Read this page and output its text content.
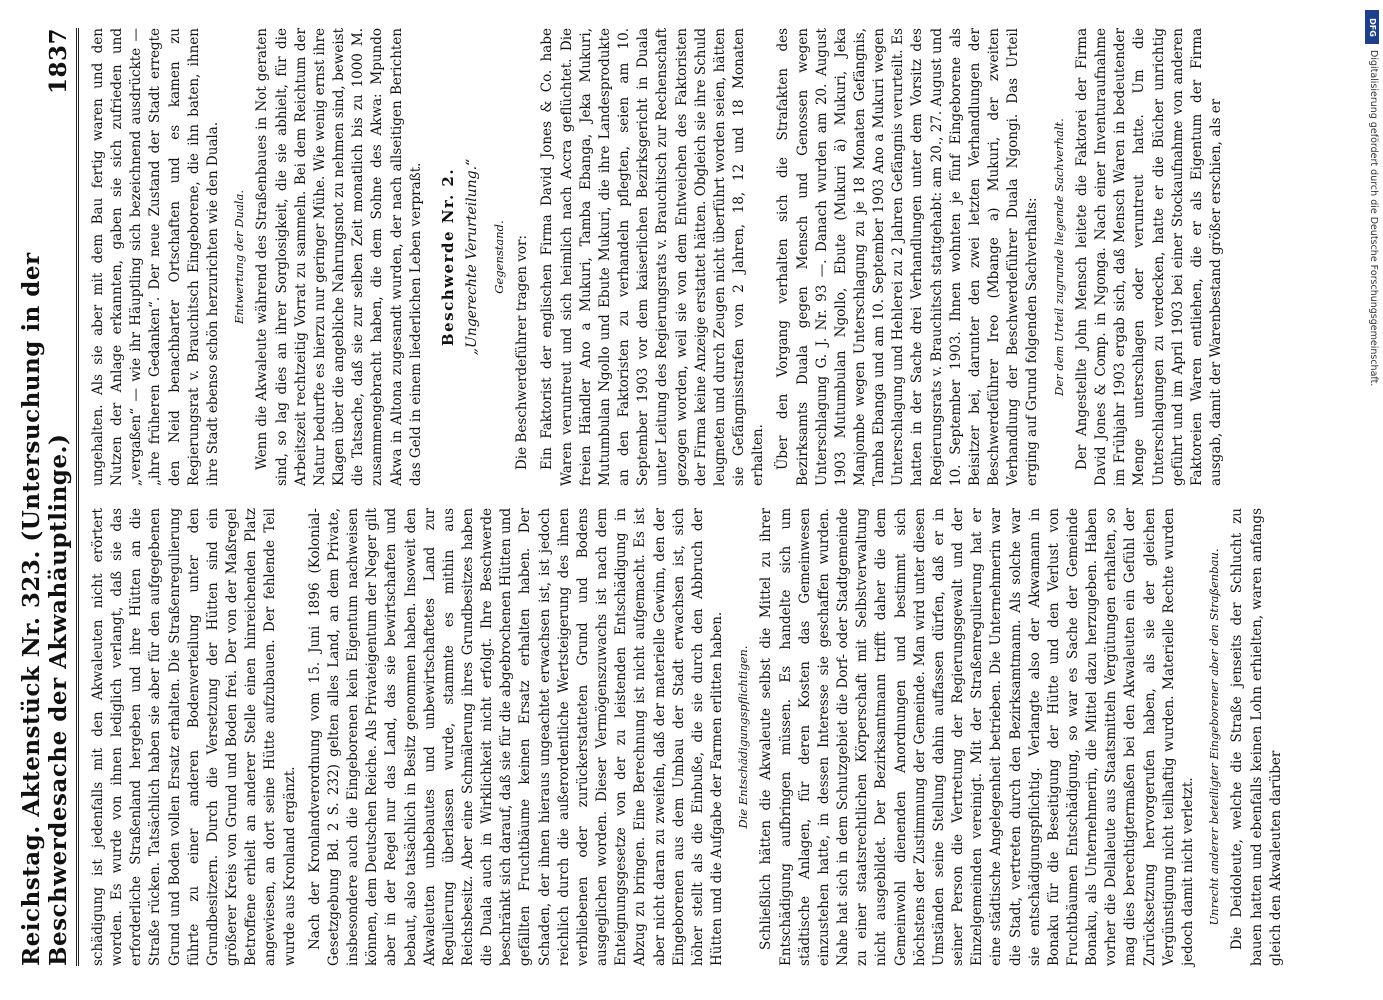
Reichstag. Aktenstück Nr. 323. (Untersuchung in der Beschwerdesache der Akwahäuptlinge.)
1837

schädigung ist jedenfalls mit den Akwaleuten nicht erörtert worden. Es wurde von ihnen lediglich verlangt, daß sie das erforderliche Straßenland hergeben und ihre Hütten an die Straße rücken. Tatsächlich haben sie aber für den aufgegebenen Grund und Boden vollen Ersatz erhalten. Die Straßenregulierung führte zu einer anderen Bodenverteilung unter den Grundbesitzern. Durch die Versetzung der Hütten sind ein größerer Kreis von Grund und Boden frei. Der von der Maßregel Betroffene erhielt an anderer Stelle einen hinreichenden Platz angewiesen, an dort seine Hütte aufzubauen. Der fehlende Teil wurde aus Kronland ergänzt. Nach der Kronlandverordnung vom 15. Juni 1896 (Kolonial-Gesetzgebung Bd. 2 S. 232) gelten alles Land, an dem Private, insbesondere auch die Eingeborenen kein Eigentum nachweisen können, dem Deutschen Reiche. Als Privateigentum der Neger gilt aber in der Regel nur das Land, das sie bewirtschaften und bebaut, also tatsächlich in Besitz genommen haben. Insoweit den Akwaleuten unbebautes und unbewirtschaftetes Land zur Regulierung überlassen wurde, stammte es mithin aus Reichsbesitz. Aber eine Schmälerung ihres Grundbesitzes haben die Duala auch in Wirklichkeit nicht erfolgt. Ihre Beschwerde beschränkt sich darauf, daß sie für die abgebrochenen Hütten und gefällten Fruchtbäume keinen Ersatz erhalten haben. Der Schaden, der ihnen hieraus ungeachtet erwachsen ist, ist jedoch reichlich durch die außerordentliche Wertsteigerung des ihnen verbliebenen oder zurückerstatteten Grund und Bodens ausgeglichen worden. Dieser Vermögenszuwachs ist nach dem Enteignungsgesetze von der zu leistenden Entschädigung in Abzug zu bringen. Eine Berechnung ist nicht aufgemacht. Es ist aber nicht daran zu zweifeln, daß der materielle Gewinn, den der Eingeborenen aus dem Umbau der Stadt erwachsen ist, sich höher stellt als die Einbuße, die sie durch den Abbruch der Hütten und die Aufgabe der Farmen erlitten haben. Die Entschädigungspflichtigen. Schließlich hätten die Akwaleute selbst die Mittel zu ihrer Entschädigung aufbringen müssen. Es handelte sich um städtische Anlagen, für deren Kosten das Gemeinwesen einzustehen hatte, in dessen Interesse sie geschaffen wurden. Nahe hat sich in dem Schutzgebiet die Dorf- oder Stadtgemeinde zu einer staatsrechtlichen Körperschaft mit Selbstverwaltung nicht ausgebildet. Der Bezirksamtmann trifft daher die dem Gemeinwohl dienenden Anordnungen und bestimmt sich höchstens der Zustimmung der Gemeinde. Man wird unter diesen Umständen seine Stellung dahin auffassen dürfen, daß er in seiner Person die Vertretung der Regierungsgewalt und der Einzelgemeinden vereinigt. Mit der Straßenregulierung hat er eine städtische Angelegenheit betrieben. Die Unternehmerin war die Stadt, vertreten durch den Bezirksamtmann. Als solche war sie entschädigungspflichtig. Verlangte also der Akwamann in Bonaku für die Beseitigung der Hütte und den Verlust von Fruchtbäumen Entschädigung, so war es Sache der Gemeinde Bonaku, als Unternehmerin, die Mittel dazu herzugeben. Haben vorher die Dellaleute aus Staatsmitteln Vergütungen erhalten, so mag dies berechtigtermaßen bei den Akwaleuten ein Gefühl der Zurücksetzung hervorgerufen haben, als sie der gleichen Vergünstigung nicht teilhaftig wurden. Materielle Rechte wurden jedoch damit nicht verletzt. Unrecht anderer beteiligter Eingeborener aber den Straßenbau. Die Deidoleute, welche die Straße jenseits der Schlucht zu bauen hatten und ebenfalls keinen Lohn erhielten, waren anfangs gleich den Akwaleuten darüber

ungehalten. Als sie aber mit dem Bau fertig waren und den Nutzen der Anlage erkannten, gaben sie sich zufrieden und „vergaßen“ — wie ihr Häuptling sich bezeichnend ausdrückte — „ihre früheren Gedanken“. Der neue Zustand der Stadt erregte den Neid benachbarter Ortschaften und es kamen zu Regierungsrat v. Brauchitsch Eingeborene, die ihn baten, ihnen ihre Stadt ebenso schön herzurichten wie den Duala. Entwertung der Duala. Wenn die Akwaleute während des Straßenbaues in Not geraten sind, so lag dies an ihrer Sorglosigkeit, die sie abhielt, für die Arbeitszeit rechtzeitig Vorrat zu sammeln. Bei dem Reichtum der Natur bedurfte es hierzu nur geringer Mühe. Wie wenig ernst ihre Klagen über die angebliche Nahrungsnot zu nehmen sind, beweist die Tatsache, daß sie zur selben Zeit monatlich bis zu 1000 M. zusammengebracht haben, die dem Sohne des Akwa: Mpundo Akwa in Altona zugesandt wurden, der nach allseitigen Berichten das Geld in einem liederlichen Leben verpraßt. Beschwerde Nr. 2. „Ungerechte Verurteilung.“ Gegenstand. Die Beschwerdeführer tragen vor: Ein Faktorist der englischen Firma David Jones & Co. habe Waren veruntreut und sich heimlich nach Accra geflüchtet. Die freien Händler Ano a Mukuri, Tamba Ebanga, Jeka Mukuri, Mutumbulan Ngollo und Ebute Mukuri, die ihre Landesprodukte an den Faktoristen zu verhandeln pflegten, seien am 10. September 1903 vor dem kaiserlichen Bezirksgericht in Duala unter Leitung des Regierungsrats v. Brauchitsch zur Rechenschaft gezogen worden, weil sie von dem Entweichen des Faktoristen der Firma keine Anzeige erstattet hätten. Obgleich sie ihre Schuld leugneten und durch Zeugen nicht überführt worden seien, hätten sie Gefängnisstrafen von 2 Jahren, 18, 12 und 18 Monaten erhalten. Über den Vorgang verhalten sich die Strafakten des Bezirksamts Duala gegen Mensch und Genossen wegen Unterschlagung G. J. Nr. 93 —. Danach wurden am 20. August 1903 Mutumbulan Ngollo, Ebute (Mukuri ä) Mukuri, Jeka Manjombe wegen Unterschlagung zu je 18 Monaten Gefängnis, Tamba Ebanga und am 10. September 1903 Ano a Mukuri wegen Unterschlagung und Hehlerei zu 2 Jahren Gefängnis verurteilt. Es hatten in der Sache drei Verhandlungen unter dem Vorsitz des Regierungsrats v. Brauchitsch stattgehabt: am 20., 27. August und 10. September 1903. Ihnen wohnten je fünf Eingeborene als Beisitzer bei, darunter den zwei letzten Verhandlungen der Beschwerdeführer Ireo (Mbange a) Mukuri, der zweiten Verhandlung der Beschwerdeführer Duala Ngongi. Das Urteil erging auf Grund folgenden Sachverhalts: Der dem Urteil zugrunde liegende Sachverhalt. Der Angestellte John Mensch leitete die Faktorei der Firma David Jones & Comp. in Ngonga. Nach einer Inventuraufnahme im Frühjahr 1903 ergab sich, daß Mensch Waren in bedeutender Menge unterschlagen oder veruntreut hatte. Um die Unterschlagungen zu verdecken, hatte er die Bücher unrichtig geführt und im April 1903 bei einer Stockaufnahme von anderen Faktoreien Waren entliehen, die er als Eigentum der Firma ausgab, damit der Warenbestand größer erschien, als er

DFG
Digitalisierung gefördert durch die Deutsche Forschungsgemeinschaft.
